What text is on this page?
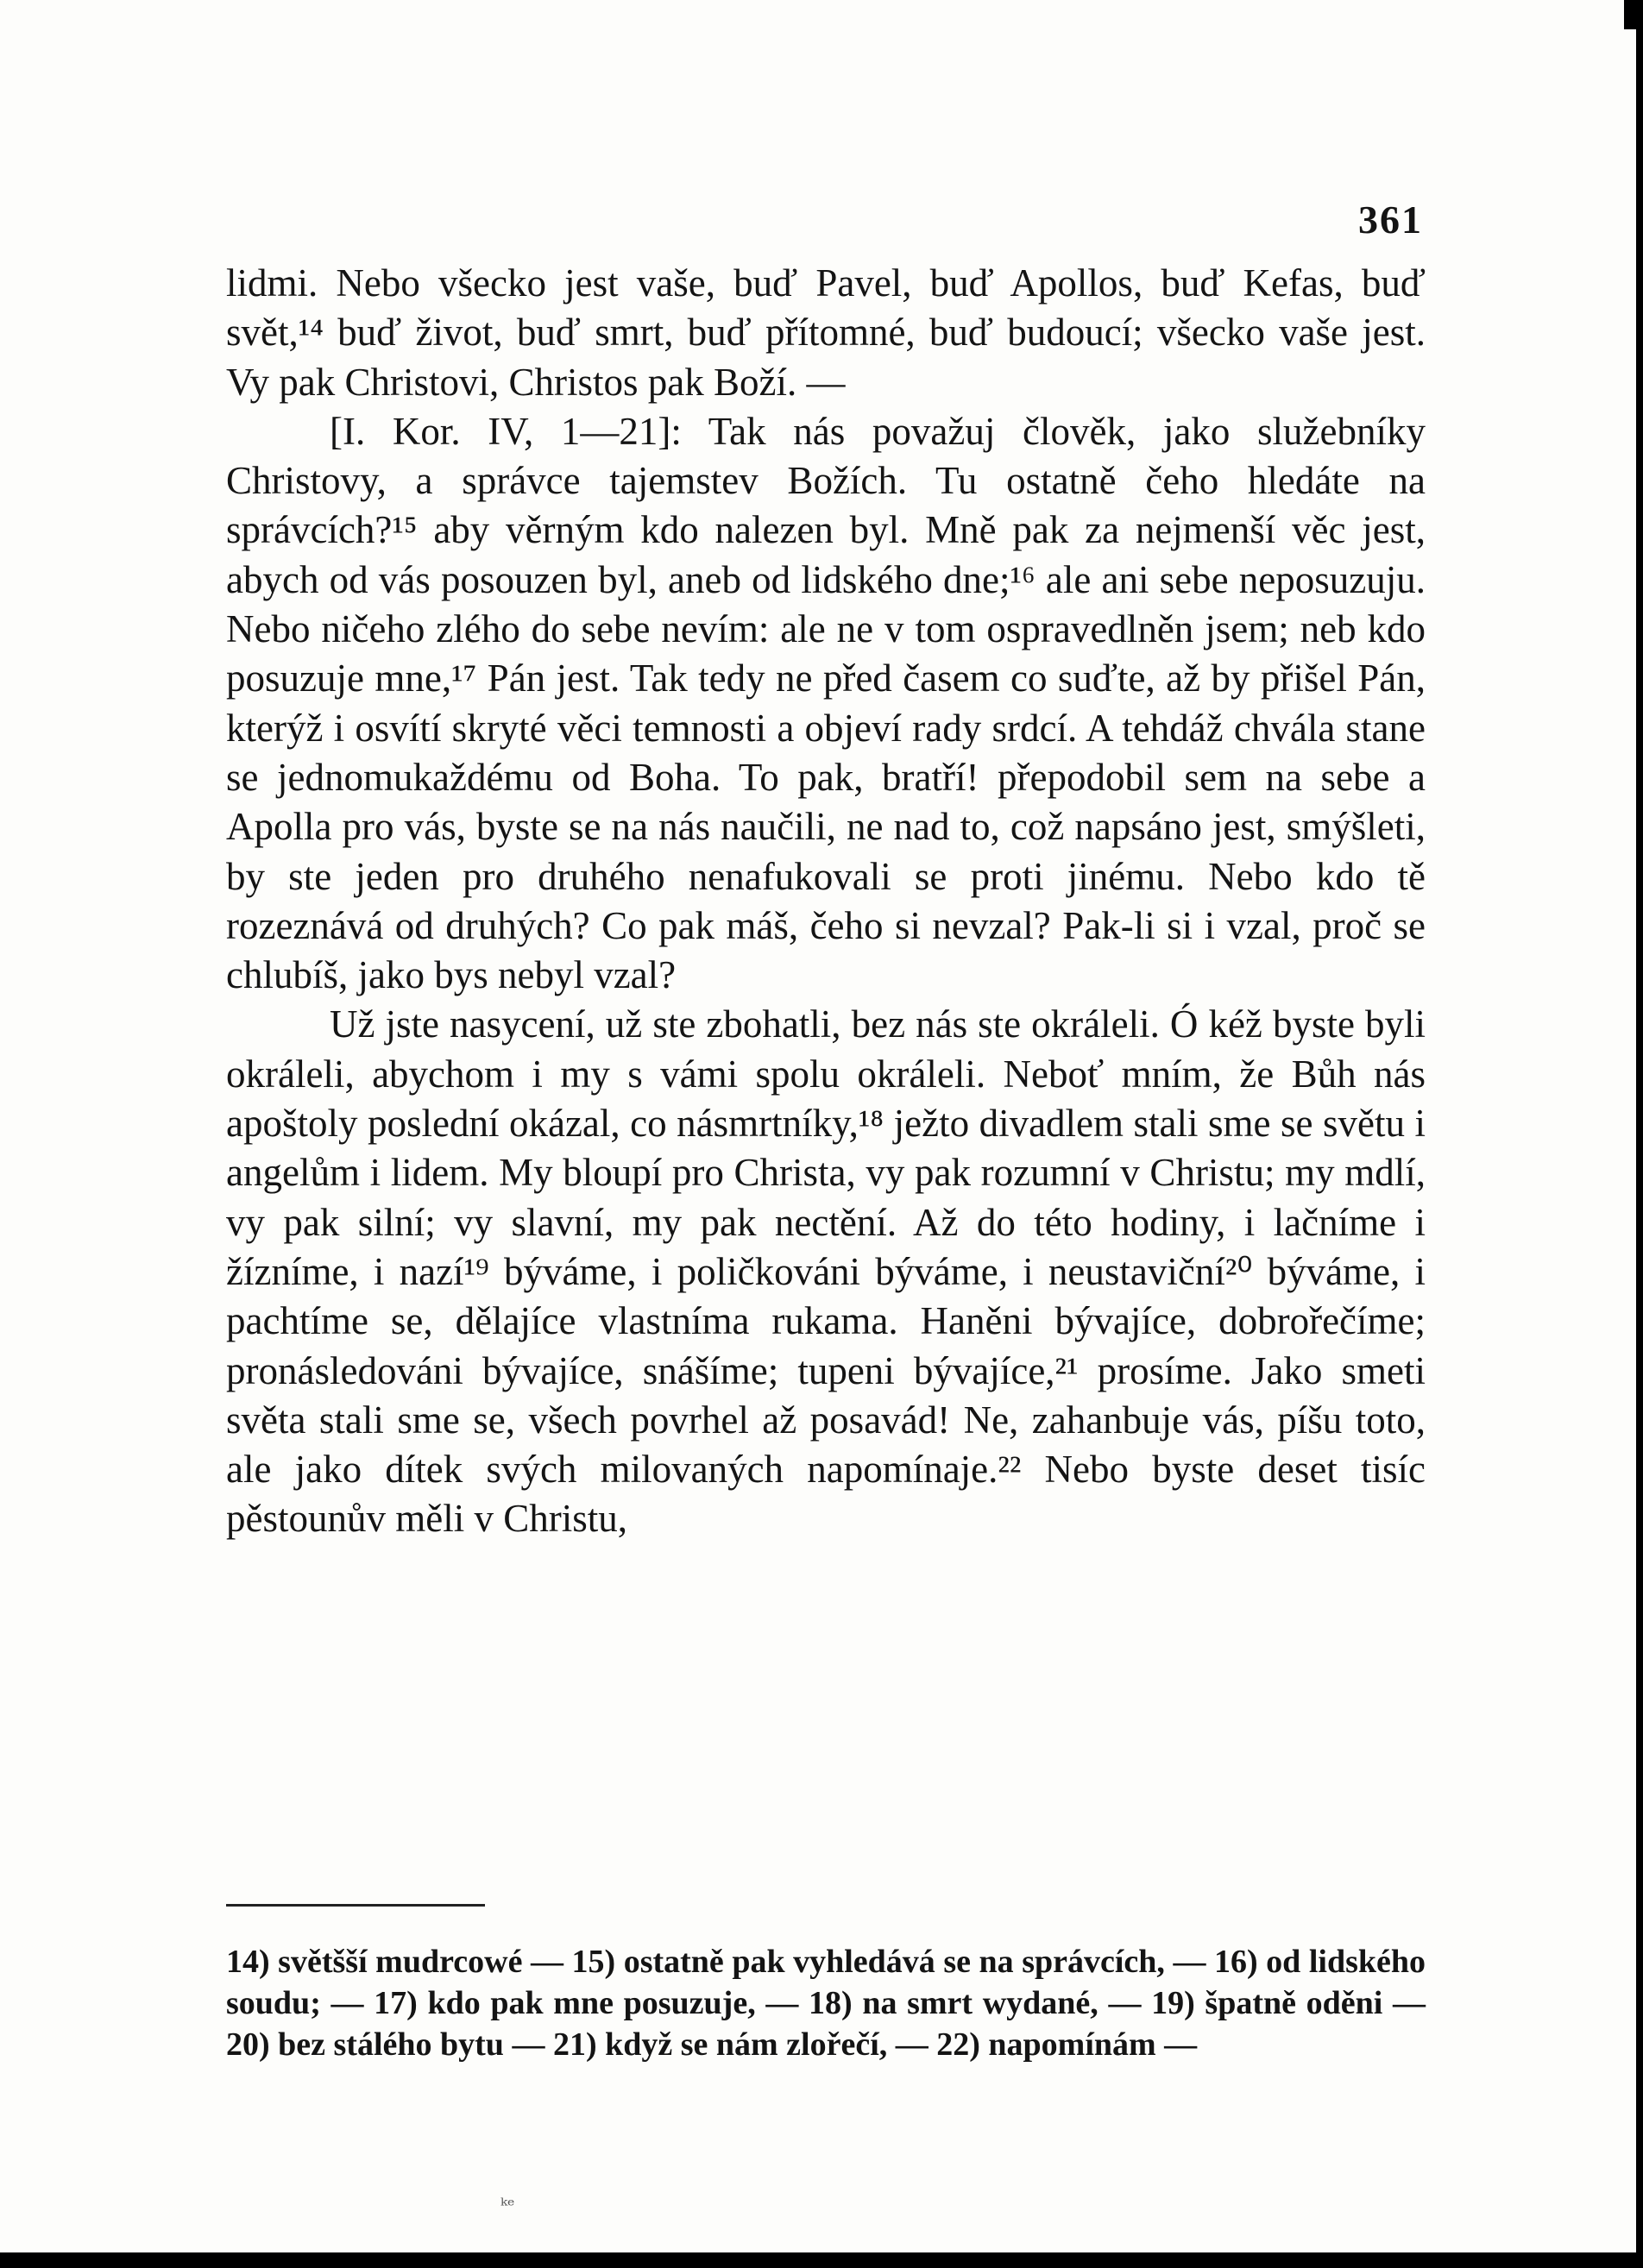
361

lidmi. Nebo všecko jest vaše, buď Pavel, buď Apollos, buď Kefas, buď svět,¹⁴ buď život, buď smrt, buď přítomné, buď budoucí; všecko vaše jest. Vy pak Christovi, Christos pak Boží. —

[I. Kor. IV, 1—21]: Tak nás považuj člověk, jako služebníky Christovy, a správce tajemstev Božích. Tu ostatně čeho hledáte na správcích?¹⁵ aby věrným kdo nalezen byl. Mně pak za nejmenší věc jest, abych od vás posouzen byl, aneb od lidského dne;¹⁶ ale ani sebe neposuzuju. Nebo ničeho zlého do sebe nevím: ale ne v tom ospravedlněn jsem; neb kdo posuzuje mne,¹⁷ Pán jest. Tak tedy ne před časem co suďte, až by přišel Pán, kterýž i osvítí skryté věci temnosti a objeví rady srdcí. A tehdáž chvála stane se jednomukaždému od Boha. To pak, bratří! přepodobil sem na sebe a Apolla pro vás, byste se na nás naučili, ne nad to, což napsáno jest, smýšleti, by ste jeden pro druhého nenafukovali se proti jinému. Nebo kdo tě rozeznává od druhých? Co pak máš, čeho si nevzal? Pak-li si i vzal, proč se chlubíš, jako bys nebyl vzal?

Už jste nasycení, už ste zbohatli, bez nás ste okráleli. Ó kéž byste byli okráleli, abychom i my s vámi spolu okráleli. Neboť mním, že Bůh nás apoštoly poslední okázal, co násmrtníky,¹⁸ ježto divadlem stali sme se světu i angelům i lidem. My bloupí pro Christa, vy pak rozumní v Christu; my mdlí, vy pak silní; vy slavní, my pak nectění. Až do této hodiny, i lačníme i žízníme, i nazí¹⁹ býváme, i poličkováni býváme, i neustaviční²⁰ býváme, i pachtíme se, dělajíce vlastníma rukama. Haněni bývajíce, dobrořečíme; pronásledováni bývajíce, snášíme; tupeni bývajíce,²¹ prosíme. Jako smeti světa stali sme se, všech povrhel až posavád! Ne, zahanbuje vás, píšu toto, ale jako dítek svých milovaných napomínaje.²² Nebo byste deset tisíc pěstounův měli v Christu,

14) světšší mudrcowé — 15) ostatně pak vyhledává se na správcích, — 16) od lidského soudu; — 17) kdo pak mne posuzuje, — 18) na smrt wydané, — 19) špatně oděni — 20) bez stálého bytu — 21) když se nám zlořečí, — 22) napomínám —

ᵏᵉ
